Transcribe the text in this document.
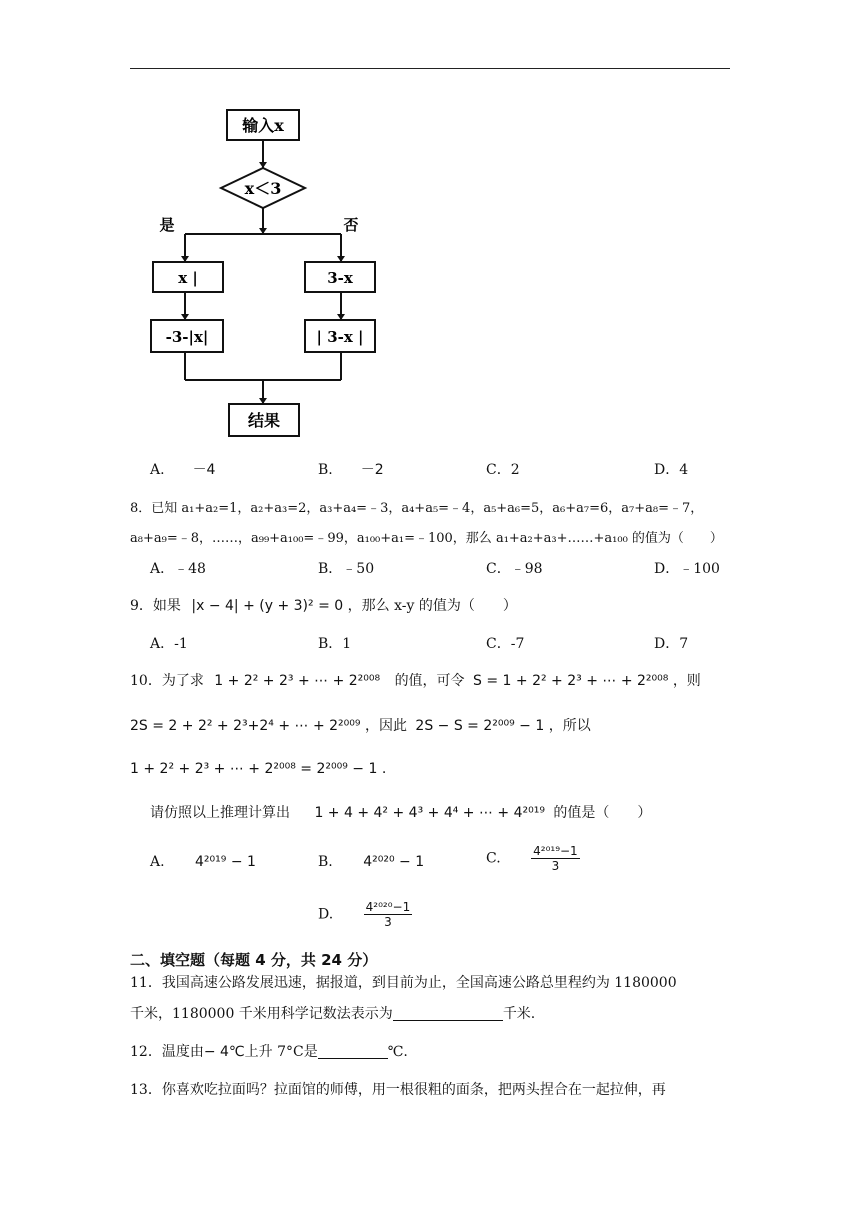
输入x
x＜3
是	否
x |	3-x
-3-|x|	| 3-x |
结果
A. －4	B. －2	C．2	D．4
8．已知 a₁+a₂=1，a₂+a₃=2，a₃+a₄=﹣3，a₄+a₅=﹣4，a₅+a₆=5，a₆+a₇=6，a₇+a₈=﹣7，
a₈+a₉=﹣8，……，a₉₉+a₁₀₀=﹣99，a₁₀₀+a₁=﹣100，那么 a₁+a₂+a₃+……+a₁₀₀ 的值为（　　）
A．﹣48	B．﹣50	C．﹣98	D．﹣100
9．如果 |x − 4| + (y + 3)² = 0 ，那么 x-y 的值为（　　）
A．-1	B．1	C．-7	D．7
10．为了求 1 + 2² + 2³ + ⋯ + 2²⁰⁰⁸ 的值，可令 S = 1 + 2² + 2³ + ⋯ + 2²⁰⁰⁸ ，则
2S = 2 + 2² + 2³+2⁴ + ⋯ + 2²⁰⁰⁹ ，因此 2S − S = 2²⁰⁰⁹ − 1 ，所以
1 + 2² + 2³ + ⋯ + 2²⁰⁰⁸ = 2²⁰⁰⁹ − 1 .
请仿照以上推理计算出 1 + 4 + 4² + 4³ + 4⁴ + ⋯ + 4²⁰¹⁹ 的值是（　　）
A. 4²⁰¹⁹ − 1	B. 4²⁰²⁰ − 1	C.	$\frac{\text{4²⁰¹⁹−1}}{3}$
D.	$\frac{\text{4²⁰²⁰−1}}{3}$
二、填空题（每题 4 分，共 24 分）
11．我国高速公路发展迅速，据报道，到目前为止，全国高速公路总里程约为 1180000
千米，1180000 千米用科学记数法表示为	千米.
12．温度由− 4℃上升 7°C是	℃.
13．你喜欢吃拉面吗？拉面馆的师傅，用一根很粗的面条，把两头捏合在一起拉伸，再
